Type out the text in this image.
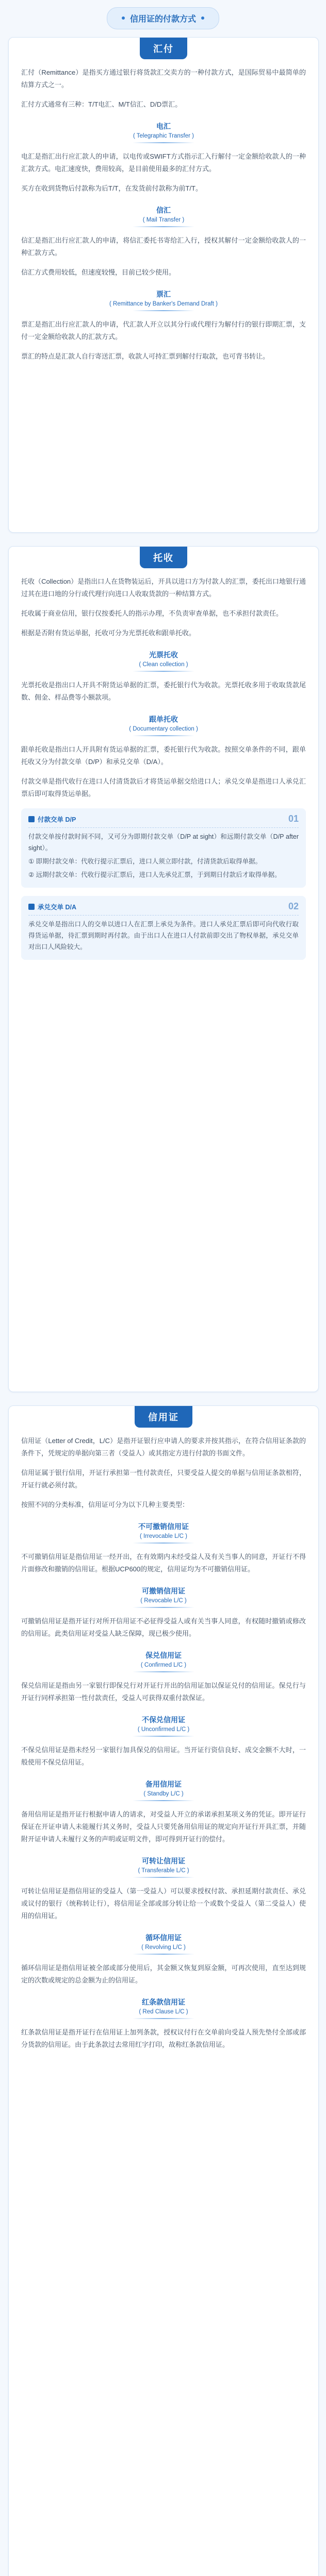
信用证的付款方式
汇付

汇付（Remittance）是指买方通过银行将货款汇交卖方的一种付款方式，是国际贸易中最简单的结算方式之一。

汇付方式通常有三种：T/T电汇、M/T信汇、D/D票汇。

电汇
( Telegraphic Transfer )

电汇是指汇出行应汇款人的申请，以电传或SWIFT方式指示汇入行解付一定金额给收款人的一种汇款方式。电汇速度快，费用较高，是目前使用最多的汇付方式。

买方在收到货物后付款称为后T/T，在发货前付款称为前T/T。

信汇
( Mail Transfer )

信汇是指汇出行应汇款人的申请，将信汇委托书寄给汇入行，授权其解付一定金额给收款人的一种汇款方式。

信汇方式费用较低，但速度较慢，目前已较少使用。

票汇
( Remittance by Banker's Demand Draft )

票汇是指汇出行应汇款人的申请，代汇款人开立以其分行或代理行为解付行的银行即期汇票，支付一定金额给收款人的汇款方式。

票汇的特点是汇款人自行寄送汇票，收款人可持汇票到解付行取款，也可背书转让。

托收

托收（Collection）是指出口人在货物装运后，开具以进口方为付款人的汇票，委托出口地银行通过其在进口地的分行或代理行向进口人收取货款的一种结算方式。

托收属于商业信用，银行仅按委托人的指示办理，不负责审查单据，也不承担付款责任。

根据是否附有货运单据，托收可分为光票托收和跟单托收。

光票托收
( Clean collection )

光票托收是指出口人开具不附货运单据的汇票，委托银行代为收款。光票托收多用于收取货款尾数、佣金、样品费等小额款项。

跟单托收
( Documentary collection )

跟单托收是指出口人开具附有货运单据的汇票，委托银行代为收款。按照交单条件的不同，跟单托收又分为付款交单（D/P）和承兑交单（D/A）。

付款交单是指代收行在进口人付清货款后才将货运单据交给进口人；承兑交单是指进口人承兑汇票后即可取得货运单据。

付款交单 D/P	01

付款交单按付款时间不同，又可分为即期付款交单（D/P at sight）和远期付款交单（D/P after sight）。

① 即期付款交单：代收行提示汇票后，进口人须立即付款，付清货款后取得单据。

② 远期付款交单：代收行提示汇票后，进口人先承兑汇票，于到期日付款后才取得单据。

承兑交单 D/A	02

承兑交单是指出口人的交单以进口人在汇票上承兑为条件。进口人承兑汇票后即可向代收行取得货运单据，待汇票到期时再付款。由于出口人在进口人付款前即交出了物权单据，承兑交单对出口人风险较大。

信用证

信用证（Letter of Credit，L/C）是指开证银行应申请人的要求并按其指示，在符合信用证条款的条件下，凭规定的单据向第三者（受益人）或其指定方进行付款的书面文件。

信用证属于银行信用，开证行承担第一性付款责任，只要受益人提交的单据与信用证条款相符，开证行就必须付款。

按照不同的分类标准，信用证可分为以下几种主要类型：

不可撤销信用证
( Irrevocable L/C )

不可撤销信用证是指信用证一经开出，在有效期内未经受益人及有关当事人的同意，开证行不得片面修改和撤销的信用证。根据UCP600的规定，信用证均为不可撤销信用证。

可撤销信用证
( Revocable L/C )

可撤销信用证是指开证行对所开信用证不必征得受益人或有关当事人同意，有权随时撤销或修改的信用证。此类信用证对受益人缺乏保障，现已极少使用。

保兑信用证
( Confirmed L/C )

保兑信用证是指由另一家银行即保兑行对开证行开出的信用证加以保证兑付的信用证。保兑行与开证行同样承担第一性付款责任，受益人可获得双重付款保证。

不保兑信用证
( Unconfirmed L/C )

不保兑信用证是指未经另一家银行加具保兑的信用证。当开证行资信良好、成交金额不大时，一般使用不保兑信用证。

备用信用证
( Standby L/C )

备用信用证是指开证行根据申请人的请求，对受益人开立的承诺承担某项义务的凭证。即开证行保证在开证申请人未能履行其义务时，受益人只要凭备用信用证的规定向开证行开具汇票，并随附开证申请人未履行义务的声明或证明文件，即可得到开证行的偿付。

可转让信用证
( Transferable L/C )

可转让信用证是指信用证的受益人（第一受益人）可以要求授权付款、承担延期付款责任、承兑或议付的银行（统称转让行），将信用证全部或部分转让给一个或数个受益人（第二受益人）使用的信用证。

循环信用证
( Revolving L/C )

循环信用证是指信用证被全部或部分使用后，其金额又恢复到原金额，可再次使用，直至达到规定的次数或规定的总金额为止的信用证。

红条款信用证
( Red Clause L/C )

红条款信用证是指开证行在信用证上加列条款，授权议付行在交单前向受益人预先垫付全部或部分货款的信用证。由于此条款过去常用红字打印，故称红条款信用证。
